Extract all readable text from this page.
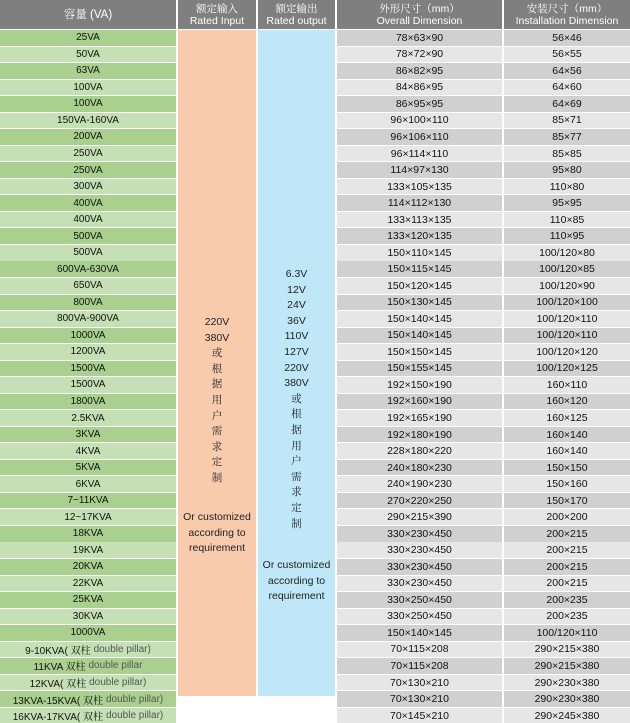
容量 (VA)	额定输入
Rated Input
额定输出
Rated output
外形尺寸（mm）
Overall Dimension
安装尺寸（mm）
Installation Dimension
25VA
50VA
63VA
100VA
100VA
150VA-160VA
200VA
250VA
250VA
300VA
400VA
400VA
500VA
500VA
600VA-630VA
650VA
800VA
800VA-900VA
1000VA
1200VA
1500VA
1500VA
1800VA
2.5KVA
3KVA
4KVA
5KVA
6KVA
7~11KVA
12~17KVA
18KVA
19KVA
20KVA
22KVA
25KVA
30KVA
1000VA
9-10KVA( 双柱 double pillar)
11KVA 双柱 double pillar
12KVA( 双柱 double pillar)
13KVA-15KVA( 双柱 double pillar)
16KVA-17KVA( 双柱 double pillar)
220V
380V
或
根
据
用
户
需
求
定
制
Or customized according to requirement
6.3V
12V
24V
36V
110V
127V
220V
380V
或
根
据
用
户
需
求
定
制
Or customized according to requirement
78×63×90
78×72×90
86×82×95
84×86×95
86×95×95
96×100×110
96×106×110
96×114×110
114×97×130
133×105×135
114×112×130
133×113×135
133×120×135
150×110×145
150×115×145
150×120×145
150×130×145
150×140×145
150×140×145
150×150×145
150×155×145
192×150×190
192×160×190
192×165×190
192×180×190
228×180×220
240×180×230
240×190×230
270×220×250
290×215×390
330×230×450
330×230×450
330×230×450
330×230×450
330×250×450
330×250×450
150×140×145
70×115×208
70×115×208
70×130×210
70×130×210
70×145×210
56×46
56×55
64×56
64×60
64×69
85×71
85×77
85×85
95×80
110×80
95×95
110×85
110×95
100/120×80
100/120×85
100/120×90
100/120×100
100/120×110
100/120×110
100/120×120
100/120×125
160×110
160×120
160×125
160×140
160×140
150×150
150×160
150×170
200×200
200×215
200×215
200×215
200×215
200×235
200×235
100/120×110
290×215×380
290×215×380
290×230×380
290×230×380
290×245×380
